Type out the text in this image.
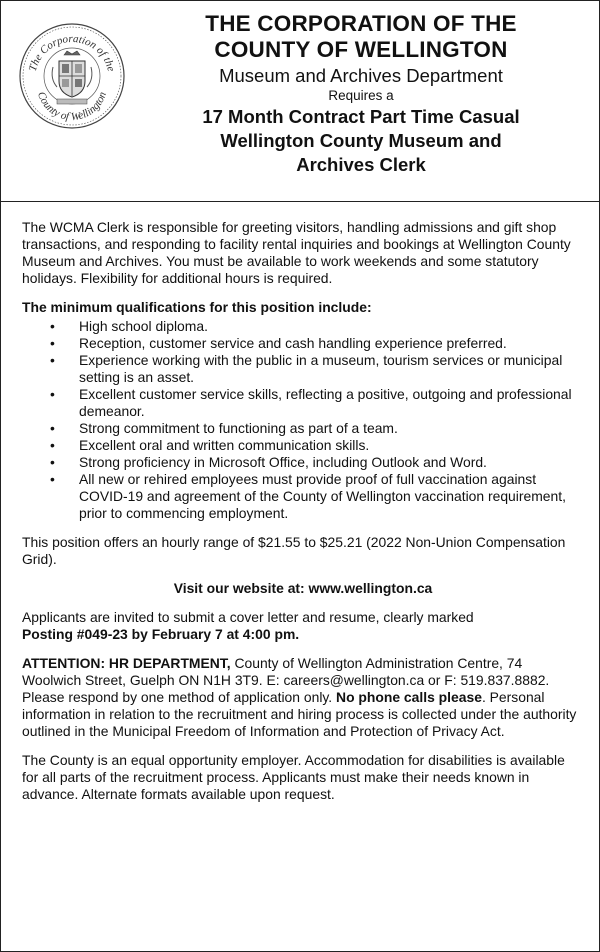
The Corporation of the
County of Wellington
THE CORPORATION OF THE
COUNTY OF WELLINGTON
Museum and Archives Department
Requires a
17 Month Contract Part Time Casual
Wellington County Museum and
Archives Clerk

The WCMA Clerk is responsible for greeting visitors, handling admissions and gift shop transactions, and responding to facility rental inquiries and bookings at Wellington County Museum and Archives. You must be available to work weekends and some statutory holidays. Flexibility for additional hours is required.

The minimum qualifications for this position include:

• High school diploma.
• Reception, customer service and cash handling experience preferred.
• Experience working with the public in a museum, tourism services or municipal setting is an asset.
• Excellent customer service skills, reflecting a positive, outgoing and professional demeanor.
• Strong commitment to functioning as part of a team.
• Excellent oral and written communication skills.
• Strong proficiency in Microsoft Office, including Outlook and Word.
• All new or rehired employees must provide proof of full vaccination against COVID-19 and agreement of the County of Wellington vaccination requirement, prior to commencing employment.

This position offers an hourly range of $21.55 to $25.21 (2022 Non-Union Compensation Grid).

Visit our website at: www.wellington.ca

Applicants are invited to submit a cover letter and resume, clearly marked
Posting #049-23 by February 7 at 4:00 pm.

ATTENTION: HR DEPARTMENT, County of Wellington Administration Centre, 74 Woolwich Street, Guelph ON N1H 3T9. E: careers@wellington.ca or F: 519.837.8882. Please respond by one method of application only. No phone calls please. Personal information in relation to the recruitment and hiring process is collected under the authority outlined in the Municipal Freedom of Information and Protection of Privacy Act.

The County is an equal opportunity employer. Accommodation for disabilities is available for all parts of the recruitment process. Applicants must make their needs known in advance. Alternate formats available upon request.
